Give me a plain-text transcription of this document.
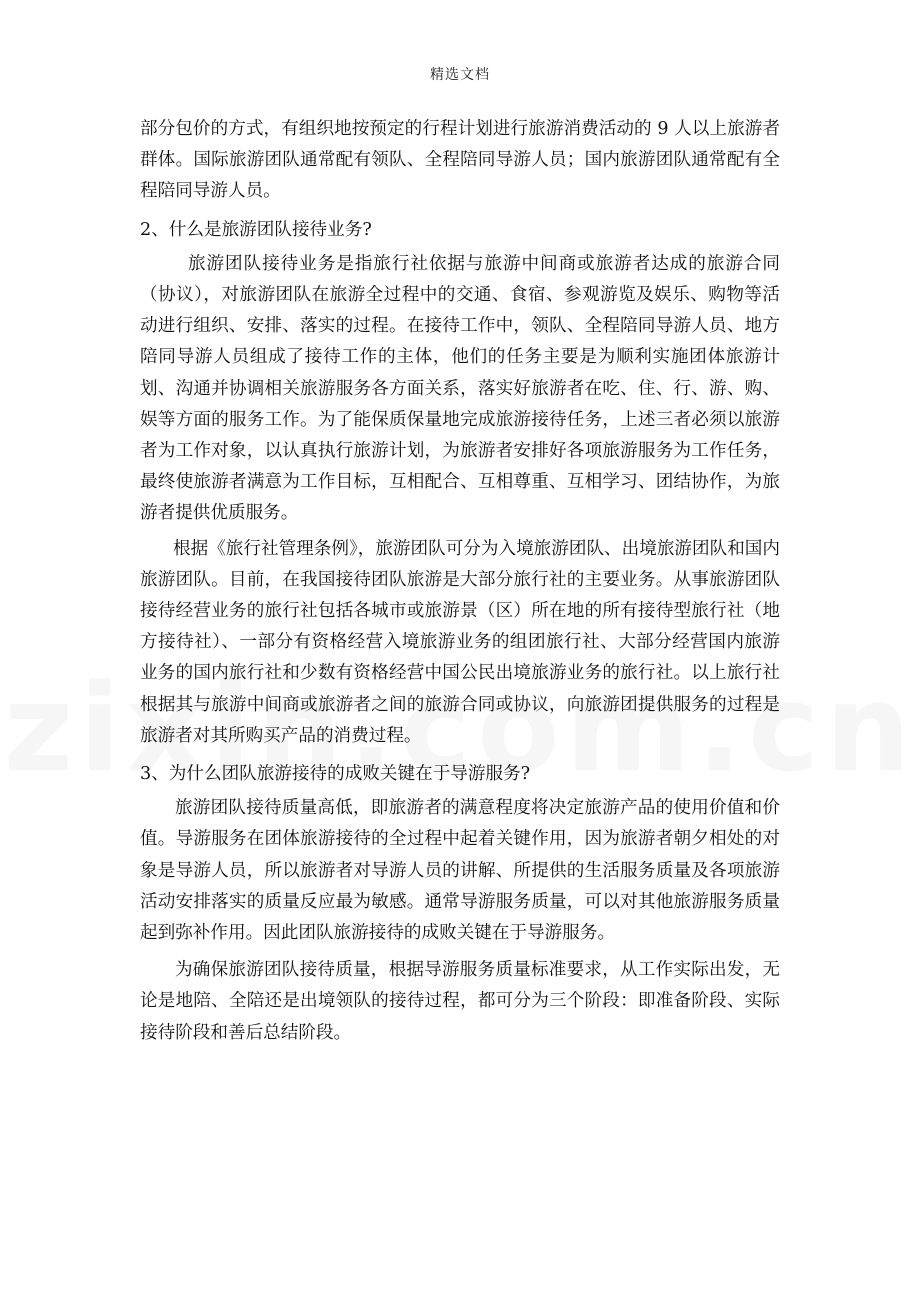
精选文档

部分包价的方式，有组织地按预定的行程计划进行旅游消费活动的 9 人以上旅游者群体。国际旅游团队通常配有领队、全程陪同导游人员；国内旅游团队通常配有全程陪同导游人员。

2、什么是旅游团队接待业务?

旅游团队接待业务是指旅行社依据与旅游中间商或旅游者达成的旅游合同（协议），对旅游团队在旅游全过程中的交通、食宿、参观游览及娱乐、购物等活动进行组织、安排、落实的过程。在接待工作中，领队、全程陪同导游人员、地方陪同导游人员组成了接待工作的主体，他们的任务主要是为顺利实施团体旅游计划、沟通并协调相关旅游服务各方面关系，落实好旅游者在吃、住、行、游、购、娱等方面的服务工作。为了能保质保量地完成旅游接待任务，上述三者必须以旅游者为工作对象，以认真执行旅游计划，为旅游者安排好各项旅游服务为工作任务，最终使旅游者满意为工作目标，互相配合、互相尊重、互相学习、团结协作，为旅游者提供优质服务。

根据《旅行社管理条例》，旅游团队可分为入境旅游团队、出境旅游团队和国内旅游团队。目前，在我国接待团队旅游是大部分旅行社的主要业务。从事旅游团队接待经营业务的旅行社包括各城市或旅游景（区）所在地的所有接待型旅行社（地方接待社）、一部分有资格经营入境旅游业务的组团旅行社、大部分经营国内旅游业务的国内旅行社和少数有资格经营中国公民出境旅游业务的旅行社。以上旅行社根据其与旅游中间商或旅游者之间的旅游合同或协议，向旅游团提供服务的过程是旅游者对其所购买产品的消费过程。

3、为什么团队旅游接待的成败关键在于导游服务?

旅游团队接待质量高低，即旅游者的满意程度将决定旅游产品的使用价值和价值。导游服务在团体旅游接待的全过程中起着关键作用，因为旅游者朝夕相处的对象是导游人员，所以旅游者对导游人员的讲解、所提供的生活服务质量及各项旅游活动安排落实的质量反应最为敏感。通常导游服务质量，可以对其他旅游服务质量起到弥补作用。因此团队旅游接待的成败关键在于导游服务。

为确保旅游团队接待质量，根据导游服务质量标准要求，从工作实际出发，无论是地陪、全陪还是出境领队的接待过程，都可分为三个阶段：即准备阶段、实际接待阶段和善后总结阶段。
